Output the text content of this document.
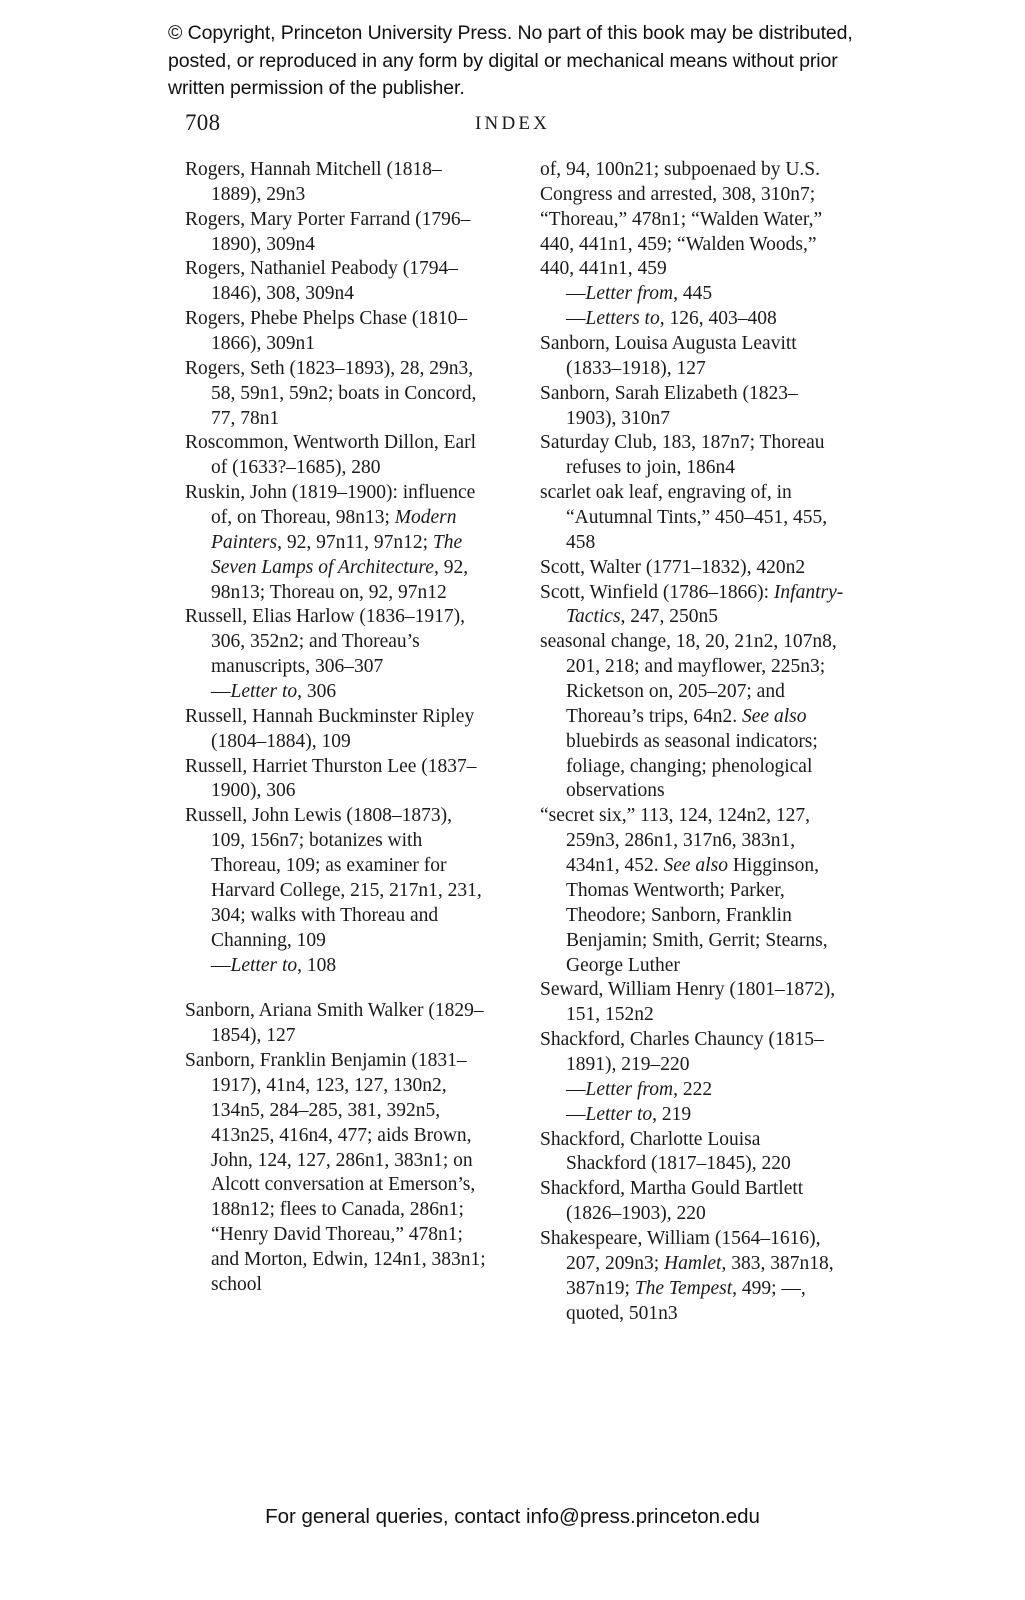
© Copyright, Princeton University Press. No part of this book may be distributed, posted, or reproduced in any form by digital or mechanical means without prior written permission of the publisher.
708	INDEX

Rogers, Hannah Mitchell (1818–1889), 29n3

Rogers, Mary Porter Farrand (1796–1890), 309n4

Rogers, Nathaniel Peabody (1794–1846), 308, 309n4

Rogers, Phebe Phelps Chase (1810–1866), 309n1

Rogers, Seth (1823–1893), 28, 29n3, 58, 59n1, 59n2; boats in Concord, 77, 78n1

Roscommon, Wentworth Dillon, Earl of (1633?–1685), 280

Ruskin, John (1819–1900): influence of, on Thoreau, 98n13; Modern Painters, 92, 97n11, 97n12; The Seven Lamps of Architecture, 92, 98n13; Thoreau on, 92, 97n12

Russell, Elias Harlow (1836–1917), 306, 352n2; and Thoreau’s manuscripts, 306–307

—Letter to, 306

Russell, Hannah Buckminster Ripley (1804–1884), 109

Russell, Harriet Thurston Lee (1837–1900), 306

Russell, John Lewis (1808–1873), 109, 156n7; botanizes with Thoreau, 109; as examiner for Harvard College, 215, 217n1, 231, 304; walks with Thoreau and Channing, 109

—Letter to, 108

Sanborn, Ariana Smith Walker (1829–1854), 127

Sanborn, Franklin Benjamin (1831–1917), 41n4, 123, 127, 130n2, 134n5, 284–285, 381, 392n5, 413n25, 416n4, 477; aids Brown, John, 124, 127, 286n1, 383n1; on Alcott conversation at Emerson’s, 188n12; flees to Canada, 286n1; “Henry David Thoreau,” 478n1; and Morton, Edwin, 124n1, 383n1; school

of, 94, 100n21; subpoenaed by U.S. Congress and arrested, 308, 310n7; “Thoreau,” 478n1; “Walden Water,” 440, 441n1, 459; “Walden Woods,” 440, 441n1, 459

—Letter from, 445

—Letters to, 126, 403–408

Sanborn, Louisa Augusta Leavitt (1833–1918), 127

Sanborn, Sarah Elizabeth (1823–1903), 310n7

Saturday Club, 183, 187n7; Thoreau refuses to join, 186n4

scarlet oak leaf, engraving of, in “Autumnal Tints,” 450–451, 455, 458

Scott, Walter (1771–1832), 420n2

Scott, Winfield (1786–1866): Infantry-Tactics, 247, 250n5

seasonal change, 18, 20, 21n2, 107n8, 201, 218; and mayflower, 225n3; Ricketson on, 205–207; and Thoreau’s trips, 64n2. See also bluebirds as seasonal indicators; foliage, changing; phenological observations

“secret six,” 113, 124, 124n2, 127, 259n3, 286n1, 317n6, 383n1, 434n1, 452. See also Higginson, Thomas Wentworth; Parker, Theodore; Sanborn, Franklin Benjamin; Smith, Gerrit; Stearns, George Luther

Seward, William Henry (1801–1872), 151, 152n2

Shackford, Charles Chauncy (1815–1891), 219–220

—Letter from, 222

—Letter to, 219

Shackford, Charlotte Louisa Shackford (1817–1845), 220

Shackford, Martha Gould Bartlett (1826–1903), 220

Shakespeare, William (1564–1616), 207, 209n3; Hamlet, 383, 387n18, 387n19; The Tempest, 499; —, quoted, 501n3

For general queries, contact info@press.princeton.edu
